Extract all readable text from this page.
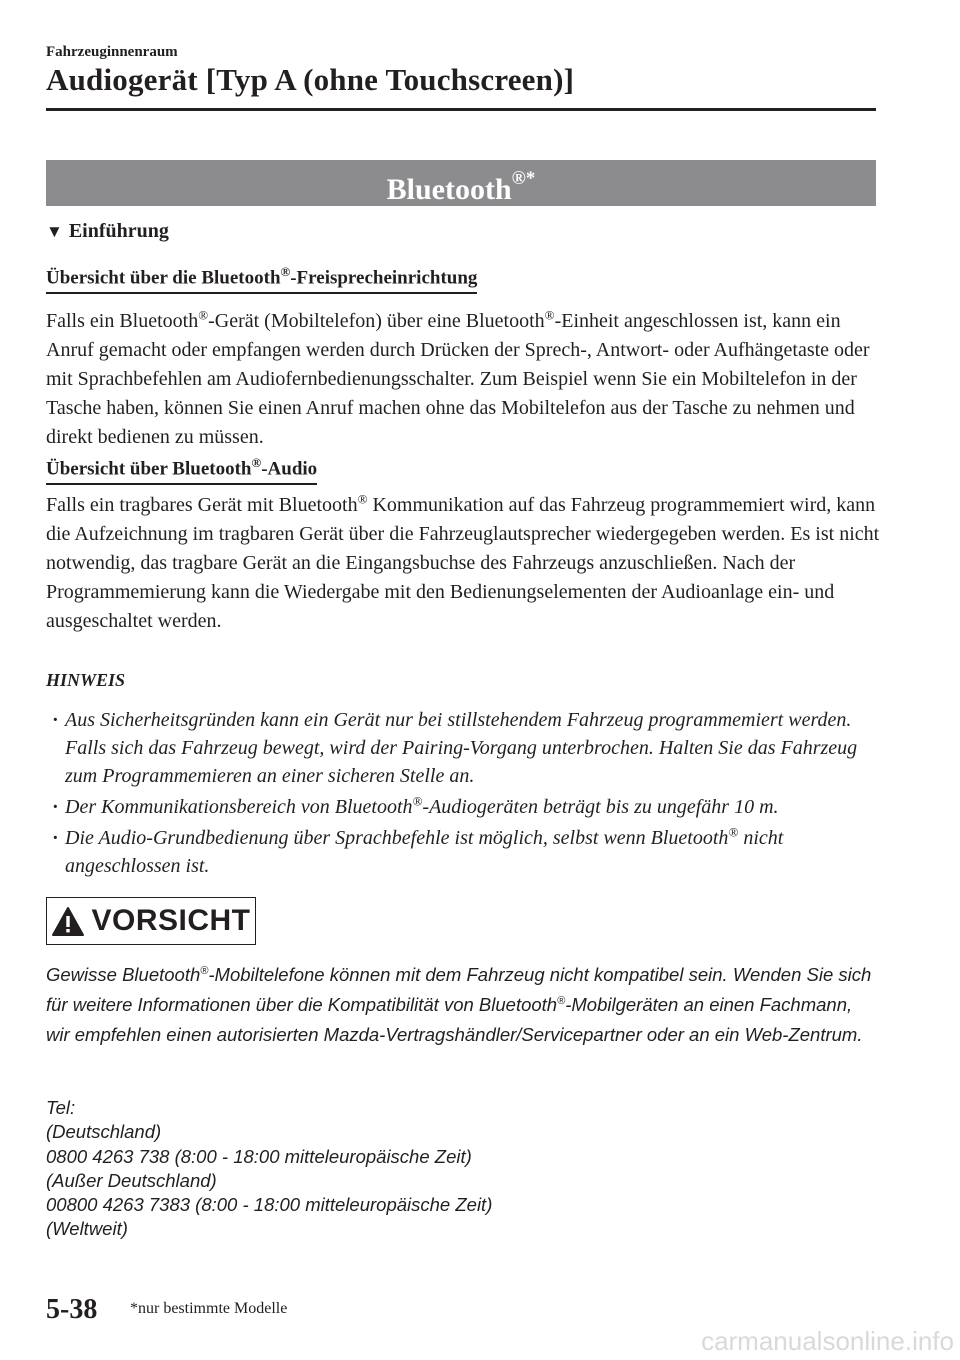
Fahrzeuginnenraum
Audiogerät [Typ A (ohne Touchscreen)]
Bluetooth®*
▼ Einführung
Übersicht über die Bluetooth®-Freisprecheinrichtung
Falls ein Bluetooth®-Gerät (Mobiltelefon) über eine Bluetooth®-Einheit angeschlossen ist, kann ein Anruf gemacht oder empfangen werden durch Drücken der Sprech-, Antwort- oder Aufhängetaste oder mit Sprachbefehlen am Audiofernbedienungsschalter. Zum Beispiel wenn Sie ein Mobiltelefon in der Tasche haben, können Sie einen Anruf machen ohne das Mobiltelefon aus der Tasche zu nehmen und direkt bedienen zu müssen.
Übersicht über Bluetooth®-Audio
Falls ein tragbares Gerät mit Bluetooth® Kommunikation auf das Fahrzeug programmemiert wird, kann die Aufzeichnung im tragbaren Gerät über die Fahrzeuglautsprecher wiedergegeben werden. Es ist nicht notwendig, das tragbare Gerät an die Eingangsbuchse des Fahrzeugs anzuschließen. Nach der Programmemierung kann die Wiedergabe mit den Bedienungselementen der Audioanlage ein- und ausgeschaltet werden.
HINWEIS
· Aus Sicherheitsgründen kann ein Gerät nur bei stillstehendem Fahrzeug programmemiert werden. Falls sich das Fahrzeug bewegt, wird der Pairing-Vorgang unterbrochen. Halten Sie das Fahrzeug zum Programmemieren an einer sicheren Stelle an.
· Der Kommunikationsbereich von Bluetooth®-Audiogeräten beträgt bis zu ungefähr 10 m.
· Die Audio-Grundbedienung über Sprachbefehle ist möglich, selbst wenn Bluetooth® nicht angeschlossen ist.
VORSICHT
Gewisse Bluetooth®-Mobiltelefone können mit dem Fahrzeug nicht kompatibel sein. Wenden Sie sich für weitere Informationen über die Kompatibilität von Bluetooth®-Mobilgeräten an einen Fachmann, wir empfehlen einen autorisierten Mazda-Vertragshändler/Servicepartner oder an ein Web-Zentrum.
Tel:
(Deutschland)
0800 4263 738 (8:00 - 18:00 mitteleuropäische Zeit)
(Außer Deutschland)
00800 4263 7383 (8:00 - 18:00 mitteleuropäische Zeit)
(Weltweit)
5-38 *nur bestimmte Modelle
carmanualsonline.info
